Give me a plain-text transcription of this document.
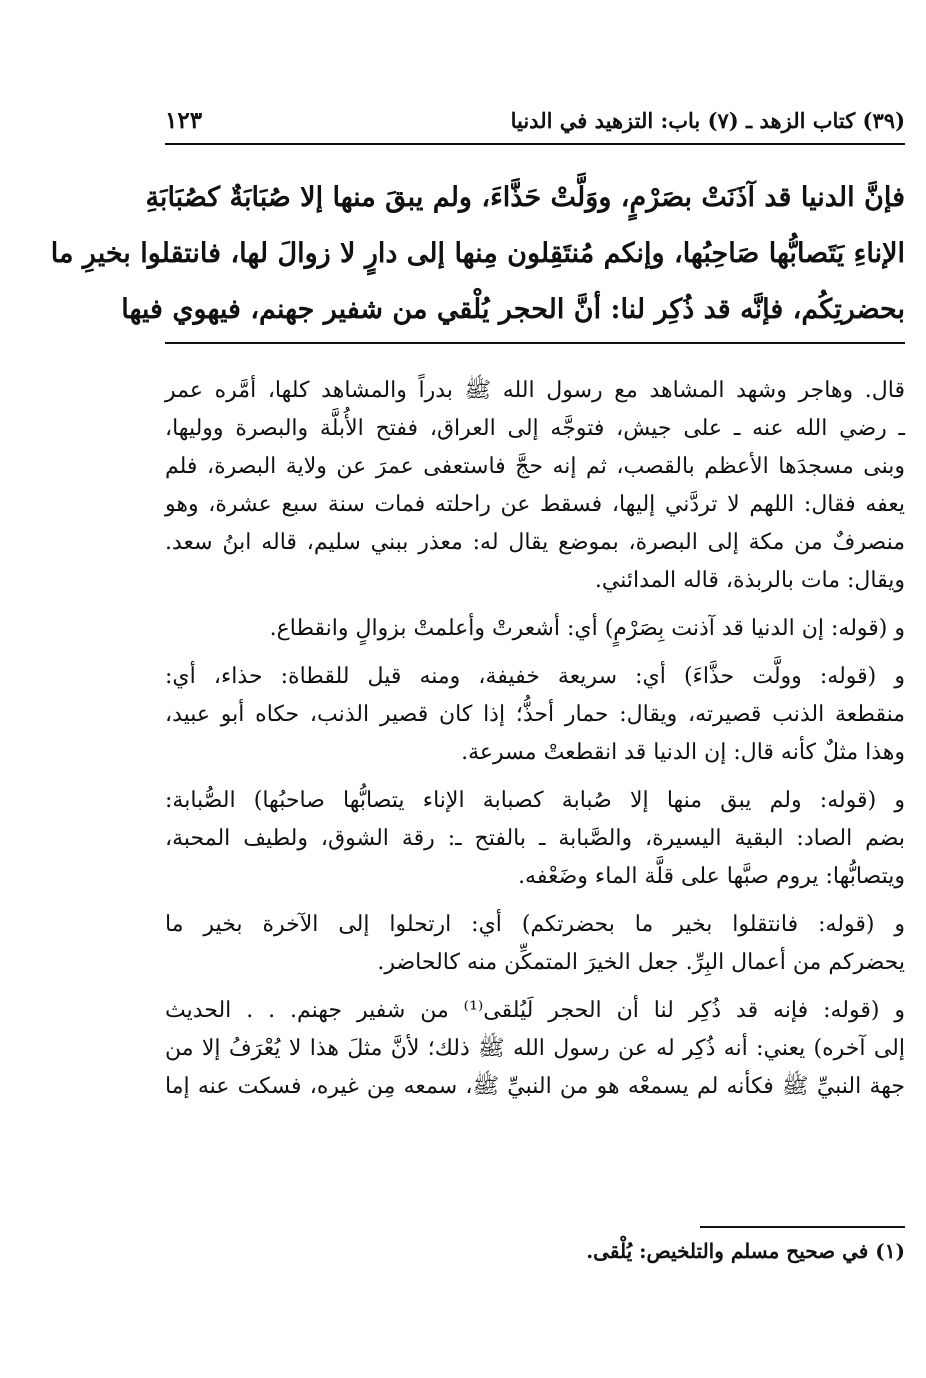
(٣٩) كتاب الزهد ـ (٧) باب: التزهيد في الدنيا
١٢٣

فإنَّ الدنيا قد آذَنَتْ بصَرْمٍ، ووَلَّتْ حَذَّاءَ، ولم يبقَ منها إلا صُبَابَةٌ كصُبَابَةِ

الإناءِ يَتَصابُّها صَاحِبُها، وإنكم مُنتَقِلون مِنها إلى دارٍ لا زوالَ لها، فانتقلوا بخيرِ ما

بحضرتِكُم، فإنَّه قد ذُكِر لنا: أنَّ الحجر يُلْقي من شفير جهنم، فيهوي فيها

قال. وهاجر وشهد المشاهد مع رسول الله ﷺ بدراً والمشاهد كلها، أمَّره عمر
ـ رضي الله عنه ـ على جيش، فتوجَّه إلى العراق، ففتح الأُبلَّة والبصرة ووليها،
وبنى مسجدَها الأعظم بالقصب، ثم إنه حجَّ فاستعفى عمرَ عن ولاية البصرة، فلم
يعفه فقال: اللهم لا تردَّني إليها، فسقط عن راحلته فمات سنة سبع عشرة، وهو
منصرفٌ من مكة إلى البصرة، بموضع يقال له: معذر ببني سليم، قاله ابنُ سعد.
ويقال: مات بالربذة، قاله المدائني.
و (قوله: إن الدنيا قد آذنت بِصَرْمٍ) أي: أشعرتْ وأعلمتْ بزوالٍ وانقطاع.
و (قوله: وولَّت حذَّاءَ) أي: سريعة خفيفة، ومنه قيل للقطاة: حذاء، أي:
منقطعة الذنب قصيرته، ويقال: حمار أحذُّ؛ إذا كان قصير الذنب، حكاه أبو عبيد،
وهذا مثلٌ كأنه قال: إن الدنيا قد انقطعتْ مسرعة.
و (قوله: ولم يبق منها إلا صُبابة كصبابة الإناء يتصابُّها صاحبُها) الصُّبابة:
بضم الصاد: البقية اليسيرة، والصَّبابة ـ بالفتح ـ: رقة الشوق، ولطيف المحبة،
ويتصابُّها: يروم صبَّها على قلَّة الماء وضَعْفه.
و (قوله: فانتقلوا بخير ما بحضرتكم) أي: ارتحلوا إلى الآخرة بخير ما
يحضركم من أعمال البِرِّ. جعل الخيرَ المتمكِّن منه كالحاضر.
و (قوله: فإنه قد ذُكِر لنا أن الحجر لَيُلقى⁽¹⁾ من شفير جهنم. . . الحديث
إلى آخره) يعني: أنه ذُكِر له عن رسول الله ﷺ ذلك؛ لأنَّ مثلَ هذا لا يُعْرَفُ إلا من
جهة النبيِّ ﷺ فكأنه لم يسمعْه هو من النبيِّ ﷺ، سمعه مِن غيره، فسكت عنه إما
(١) في صحيح مسلم والتلخيص: يُلْقى.
